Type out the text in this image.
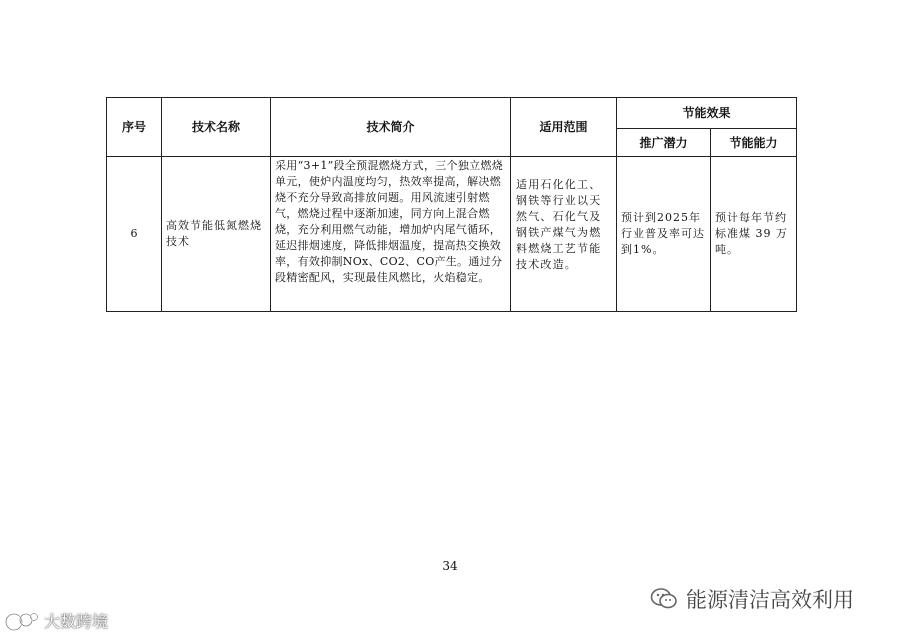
序号	技术名称	技术简介	适用范围	节能效果	
				推广潜力	节能能力
6	高效节能低氮燃烧技术	采用“3+1”段全预混燃烧方式，三个独立燃烧单元，使炉内温度均匀，热效率提高，解决燃烧不充分导致高排放问题。用风流速引射燃气，燃烧过程中逐渐加速，同方向上混合燃烧，充分利用燃气动能，增加炉内尾气循环，延迟排烟速度，降低排烟温度，提高热交换效率，有效抑制NOx、CO2、CO产生。通过分段精密配风，实现最佳风燃比，火焰稳定。	适用石化化工、钢铁等行业以天然气、石化气及钢铁产煤气为燃料燃烧工艺节能技术改造。	预计到2025年行业普及率可达到1%。	预计每年节约标准煤 39 万吨。
34
能源清洁高效利用
大数跨境
